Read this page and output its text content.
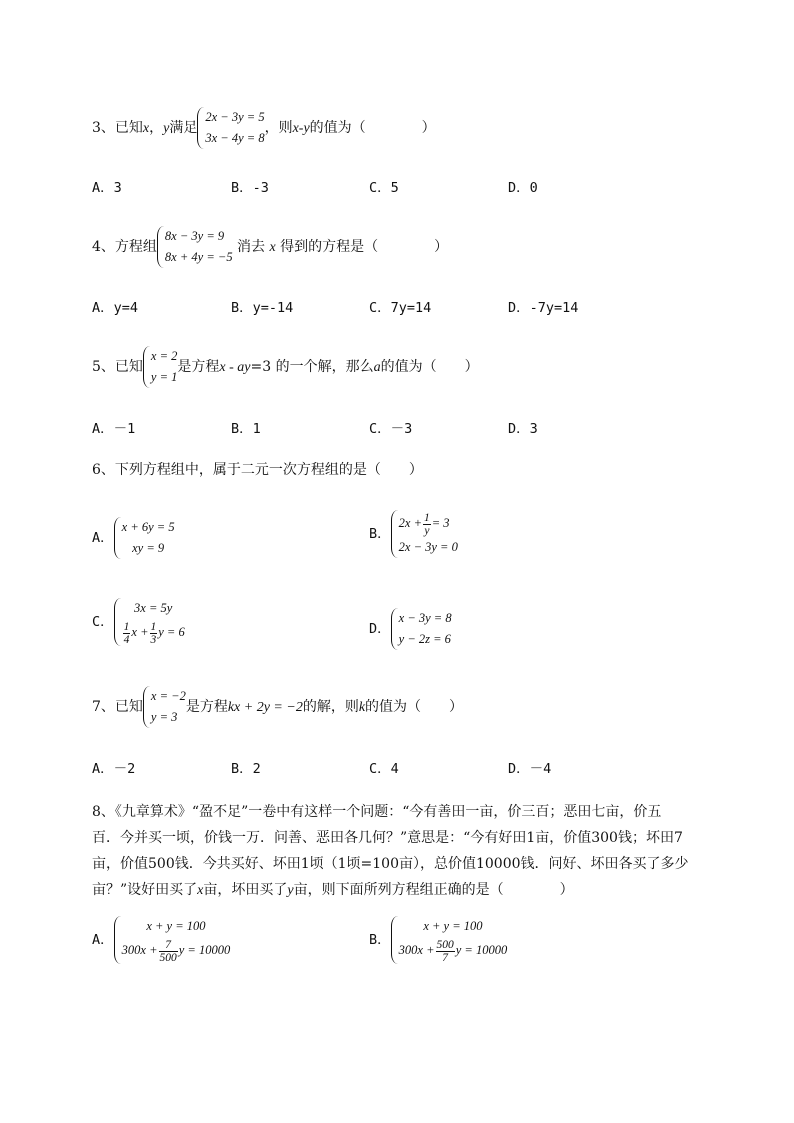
3、已知x，y满足
2x − 3y = 5
3x − 4y = 8
，则x-y的值为（　　　　）
A．3	B．-3	C．5	D．0
4、方程组
8x − 3y = 9
8x + 4y = −5
消去 x 得到的方程是（　　　　）
A．y=4	B．y=-14	C．7y=14	D．-7y=14
5、已知
x = 2
y = 1
是方程x - ay=3 的一个解，那么a的值为（　　）
A．－1	B．1	C．－3	D．3
6、下列方程组中，属于二元一次方程组的是（　　）
A．
x + 6y = 5
xy = 9
B．
$2x + \frac{1}{y} = 3$
2x − 3y = 0
C．
3x = 5y
$\frac{1}{4}$ $x + \frac{1}{3}$ y = 6	D．
x − 3y = 8
y − 2z = 6
7、已知
x = −2
y = 3
是方程kx + 2y = −2的解，则k的值为（　　）
A．－2	B．2	C．4	D．－4
8、《九章算术》“盈不足”一卷中有这样一个问题：“今有善田一亩，价三百；恶田七亩，价五
百．今并买一顷，价钱一万．问善、恶田各几何？”意思是：“今有好田1亩，价值300钱；坏田7
亩，价值500钱．今共买好、坏田1顷（1顷=100亩），总价值10000钱．问好、坏田各买了多少
亩？”设好田买了x亩，坏田买了y亩，则下面所列方程组正确的是（　　　　）
A．
x + y = 100
$300x + \frac{7}{500}$ y = 10000
B．
x + y = 100
$300x + \frac{500}{7}$ y = 10000
